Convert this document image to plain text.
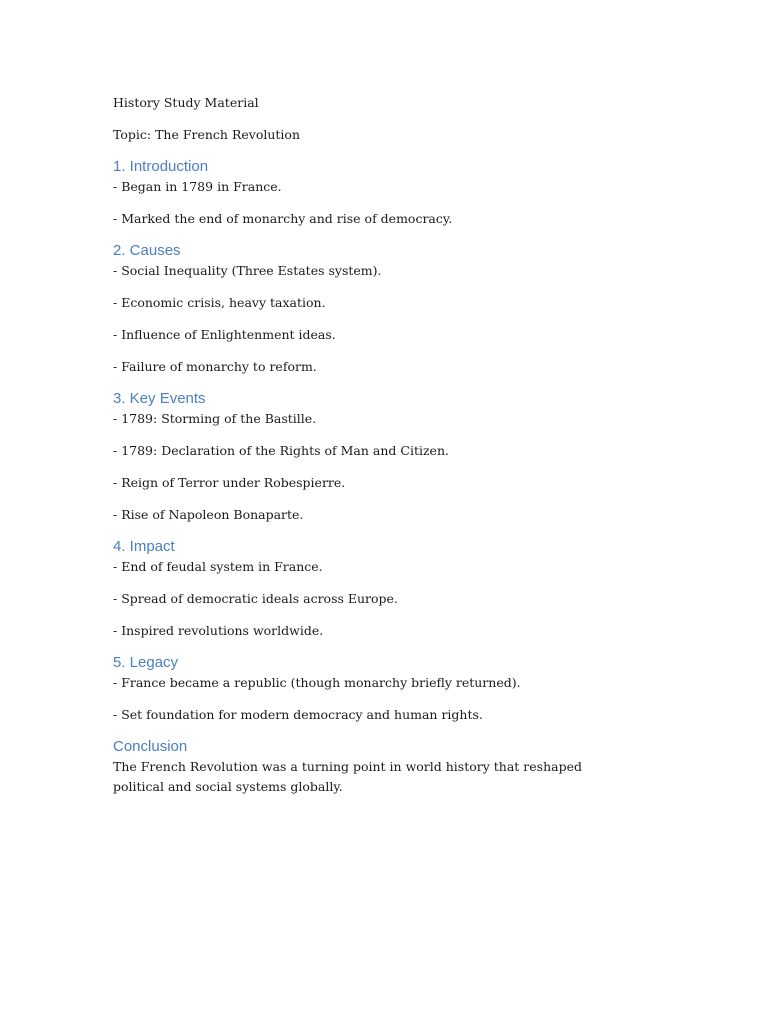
History Study Material

Topic: The French Revolution

1. Introduction

- Began in 1789 in France.

- Marked the end of monarchy and rise of democracy.

2. Causes

- Social Inequality (Three Estates system).

- Economic crisis, heavy taxation.

- Influence of Enlightenment ideas.

- Failure of monarchy to reform.

3. Key Events

- 1789: Storming of the Bastille.

- 1789: Declaration of the Rights of Man and Citizen.

- Reign of Terror under Robespierre.

- Rise of Napoleon Bonaparte.

4. Impact

- End of feudal system in France.

- Spread of democratic ideals across Europe.

- Inspired revolutions worldwide.

5. Legacy

- France became a republic (though monarchy briefly returned).

- Set foundation for modern democracy and human rights.

Conclusion

The French Revolution was a turning point in world history that reshaped political and social systems globally.
